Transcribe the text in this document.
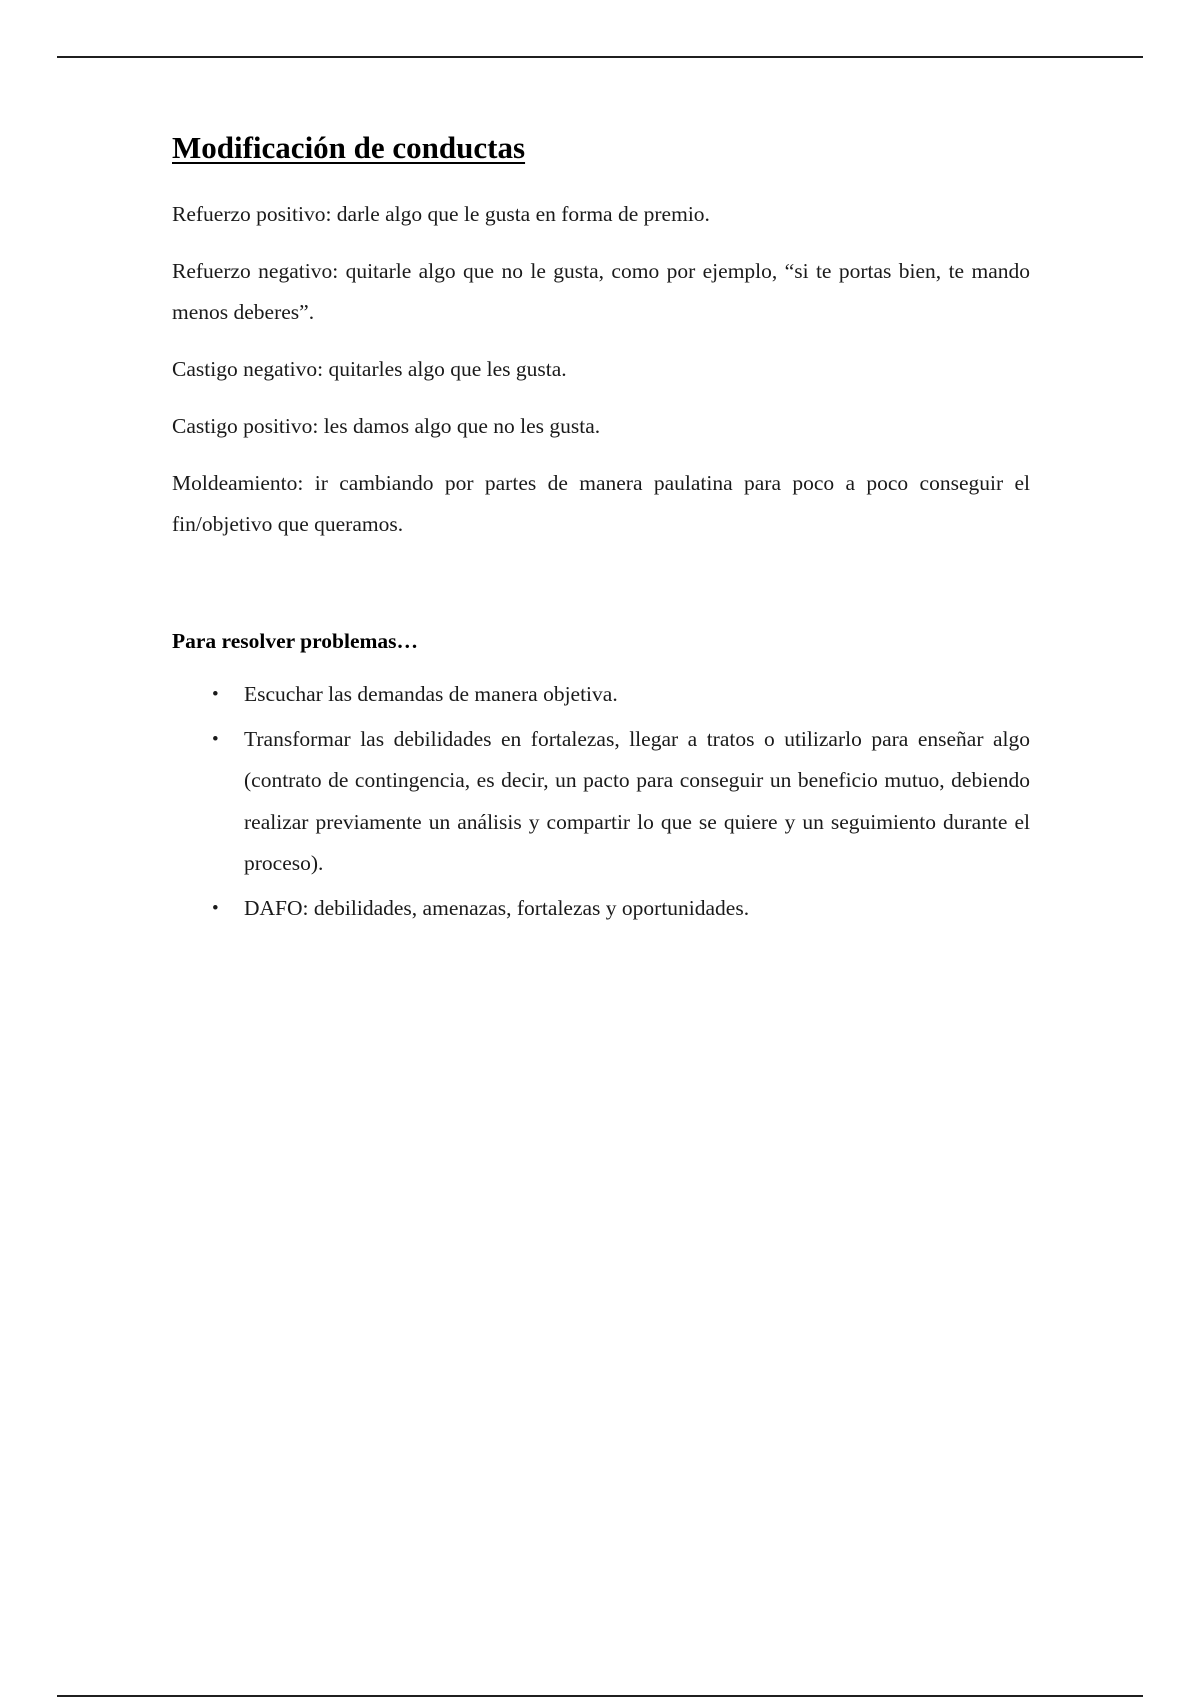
Modificación de conductas

Refuerzo positivo: darle algo que le gusta en forma de premio.

Refuerzo negativo: quitarle algo que no le gusta, como por ejemplo, “si te portas bien, te mando menos deberes”.

Castigo negativo: quitarles algo que les gusta.

Castigo positivo: les damos algo que no les gusta.

Moldeamiento: ir cambiando por partes de manera paulatina para poco a poco conseguir el fin/objetivo que queramos.

Para resolver problemas…
• Escuchar las demandas de manera objetiva.
• Transformar las debilidades en fortalezas, llegar a tratos o utilizarlo para enseñar algo (contrato de contingencia, es decir, un pacto para conseguir un beneficio mutuo, debiendo realizar previamente un análisis y compartir lo que se quiere y un seguimiento durante el proceso).
• DAFO: debilidades, amenazas, fortalezas y oportunidades.
